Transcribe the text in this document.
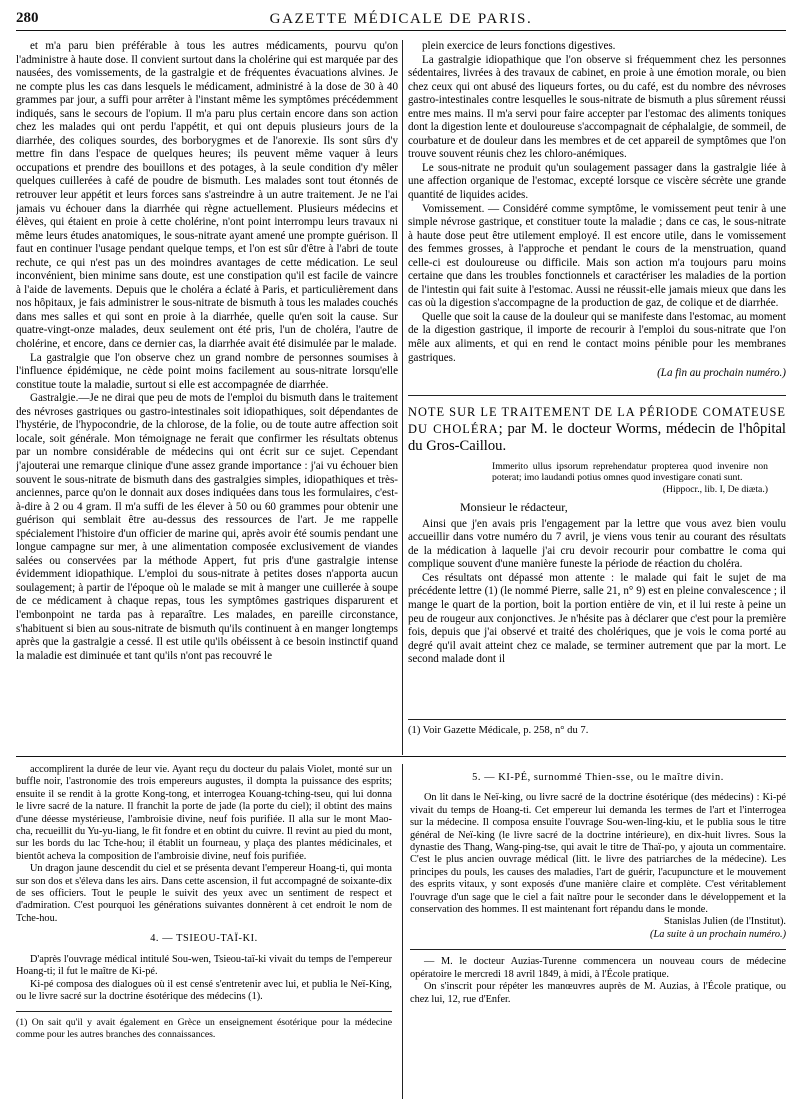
280	GAZETTE MÉDICALE DE PARIS.

et m'a paru bien préférable à tous les autres médicaments, pourvu qu'on l'administre à haute dose. Il convient surtout dans la cholérine qui est marquée par des nausées, des vomissements, de la gastralgie et de fréquentes évacuations alvines. Je ne compte plus les cas dans lesquels le médicament, administré à la dose de 30 à 40 grammes par jour, a suffi pour arrêter à l'instant même les symptômes précédemment indiqués, sans le secours de l'opium. Il m'a paru plus certain encore dans son action chez les malades qui ont perdu l'appétit, et qui ont depuis plusieurs jours de la diarrhée, des coliques sourdes, des borborygmes et de l'anorexie. Ils sont sûrs d'y mettre fin dans l'espace de quelques heures; ils peuvent même vaquer à leurs occupations et prendre des bouillons et des potages, à la seule condition d'y mêler quelques cuillerées à café de poudre de bismuth. Les malades sont tout étonnés de retrouver leur appétit et leurs forces sans s'astreindre à un autre traitement. Je ne l'ai jamais vu échouer dans la diarrhée qui règne actuellement. Plusieurs médecins et élèves, qui étaient en proie à cette cholérine, n'ont point interrompu leurs travaux ni même leurs études anatomiques, le sous-nitrate ayant amené une prompte guérison. Il faut en continuer l'usage pendant quelque temps, et l'on est sûr d'être à l'abri de toute rechute, ce qui n'est pas un des moindres avantages de cette médication. Le seul inconvénient, bien minime sans doute, est une constipation qu'il est facile de vaincre à l'aide de lavements. Depuis que le choléra a éclaté à Paris, et particulièrement dans nos hôpitaux, je fais administrer le sous-nitrate de bismuth à tous les malades couchés dans mes salles et qui sont en proie à la diarrhée, quelle qu'en soit la cause. Sur quatre-vingt-onze malades, deux seulement ont été pris, l'un de choléra, l'autre de cholérine, et encore, dans ce dernier cas, la diarrhée avait été disimulée par le malade.

La gastralgie que l'on observe chez un grand nombre de personnes soumises à l'influence épidémique, ne cède point moins facilement au sous-nitrate lorsqu'elle constitue toute la maladie, surtout si elle est accompagnée de diarrhée.

Gastralgie.—Je ne dirai que peu de mots de l'emploi du bismuth dans le traitement des névroses gastriques ou gastro-intestinales soit idiopathiques, soit dépendantes de l'hystérie, de l'hypocondrie, de la chlorose, de la folie, ou de toute autre affection soit locale, soit générale. Mon témoignage ne ferait que confirmer les résultats obtenus par un nombre considérable de médecins qui ont écrit sur ce sujet. Cependant j'ajouterai une remarque clinique d'une assez grande importance : j'ai vu échouer bien souvent le sous-nitrate de bismuth dans des gastralgies simples, idiopathiques et très-anciennes, parce qu'on le donnait aux doses indiquées dans tous les formulaires, c'est-à-dire à 2 ou 4 gram. Il m'a suffi de les élever à 50 ou 60 grammes pour obtenir une guérison qui semblait être au-dessus des ressources de l'art. Je me rappelle spécialement l'histoire d'un officier de marine qui, après avoir été soumis pendant une longue campagne sur mer, à une alimentation composée exclusivement de viandes salées ou conservées par la méthode Appert, fut pris d'une gastralgie intense évidemment idiopathique. L'emploi du sous-nitrate à petites doses n'apporta aucun soulagement; à partir de l'époque où le malade se mit à manger une cuillerée à soupe de ce médicament à chaque repas, tous les symptômes gastriques disparurent et l'embonpoint ne tarda pas à reparaître. Les malades, en pareille circonstance, s'habituent si bien au sous-nitrate de bismuth qu'ils continuent à en manger longtemps après que la gastralgie a cessé. Il est utile qu'ils obéissent à ce besoin instinctif quand la maladie est diminuée et tant qu'ils n'ont pas recouvré le

plein exercice de leurs fonctions digestives.

La gastralgie idiopathique que l'on observe si fréquemment chez les personnes sédentaires, livrées à des travaux de cabinet, en proie à une émotion morale, ou bien chez ceux qui ont abusé des liqueurs fortes, ou du café, est du nombre des névroses gastro-intestinales contre lesquelles le sous-nitrate de bismuth a plus sûrement réussi entre mes mains. Il m'a servi pour faire accepter par l'estomac des aliments toniques dont la digestion lente et douloureuse s'accompagnait de céphalalgie, de sommeil, de courbature et de douleur dans les membres et de cet appareil de symptômes que l'on trouve souvent réunis chez les chloro-anémiques.

Le sous-nitrate ne produit qu'un soulagement passager dans la gastralgie liée à une affection organique de l'estomac, excepté lorsque ce viscère sécrète une grande quantité de liquides acides.

Vomissement. — Considéré comme symptôme, le vomissement peut tenir à une simple névrose gastrique, et constituer toute la maladie ; dans ce cas, le sous-nitrate à haute dose peut être utilement employé. Il est encore utile, dans le vomissement des femmes grosses, à l'approche et pendant le cours de la menstruation, quand celle-ci est douloureuse ou difficile. Mais son action m'a toujours paru moins certaine que dans les troubles fonctionnels et caractériser les maladies de la portion de l'intestin qui fait suite à l'estomac. Aussi ne réussit-elle jamais mieux que dans les cas où la digestion s'accompagne de la production de gaz, de colique et de diarrhée.

Quelle que soit la cause de la douleur qui se manifeste dans l'estomac, au moment de la digestion gastrique, il importe de recourir à l'emploi du sous-nitrate que l'on mêle aux aliments, et qui en rend le contact moins pénible pour les membranes gastriques.

(La fin au prochain numéro.)

NOTE SUR LE TRAITEMENT DE LA PÉRIODE COMATEUSE DU CHOLÉRA; par M. le docteur Worms, médecin de l'hôpital du Gros-Caillou.
Immerito ullus ipsorum reprehendatur propterea quod invenire non poterat; imo laudandi potius omnes quod investigare conati sunt.
(Hippocr., lib. I, De diæta.)

Monsieur le rédacteur,

Ainsi que j'en avais pris l'engagement par la lettre que vous avez bien voulu accueillir dans votre numéro du 7 avril, je viens vous tenir au courant des résultats de la médication à laquelle j'ai cru devoir recourir pour combattre le coma qui complique souvent d'une manière funeste la période de réaction du choléra.

Ces résultats ont dépassé mon attente : le malade qui fait le sujet de ma précédente lettre (1) (le nommé Pierre, salle 21, n° 9) est en pleine convalescence ; il mange le quart de la portion, boit la portion entière de vin, et il lui reste à peine un peu de rougeur aux conjonctives. Je n'hésite pas à déclarer que c'est pour la première fois, depuis que j'ai observé et traité des cholériques, que je vois le coma porté au degré qu'il avait atteint chez ce malade, se terminer autrement que par la mort. Le second malade dont il

(1) Voir Gazette Médicale, p. 258, n° du 7.

accomplirent la durée de leur vie. Ayant reçu du docteur du palais Violet, monté sur un buffle noir, l'astronomie des trois empereurs augustes, il dompta la puissance des esprits; ensuite il se rendit à la grotte Kong-tong, et interrogea Kouang-tching-tseu, qui lui donna le livre sacré de la nature. Il franchit la porte de jade (la porte du ciel); il obtint des mains d'une déesse mystérieuse, l'ambroisie divine, neuf fois purifiée. Il alla sur le mont Mao-cha, recueillit du Yu-yu-liang, le fit fondre et en obtint du cuivre. Il revint au pied du mont, sur les bords du lac Tche-hou; il établit un fourneau, y plaça des plantes médicinales, et bientôt acheva la composition de l'ambroisie divine, neuf fois purifiée.

Un dragon jaune descendit du ciel et se présenta devant l'empereur Hoang-ti, qui monta sur son dos et s'éleva dans les airs. Dans cette ascension, il fut accompagné de soixante-dix de ses officiers. Tout le peuple le suivit des yeux avec un sentiment de respect et d'admiration. C'est pourquoi les générations suivantes donnèrent à cet endroit le nom de Tche-hou.

4. — TSIEOU-TAÏ-KI.

D'après l'ouvrage médical intitulé Sou-wen, Tsieou-taï-ki vivait du temps de l'empereur Hoang-ti; il fut le maître de Ki-pé.

Ki-pé composa des dialogues où il est censé s'entretenir avec lui, et publia le Neï-King, ou le livre sacré sur la doctrine ésotérique des médecins (1).

(1) On sait qu'il y avait également en Grèce un enseignement ésotérique pour la médecine comme pour les autres branches des connaissances.

5. — KI-PÉ, surnommé Thien-sse, ou le maître divin.

On lit dans le Neï-king, ou livre sacré de la doctrine ésotérique (des médecins) : Ki-pé vivait du temps de Hoang-ti. Cet empereur lui demanda les termes de l'art et l'interrogea sur la médecine. Il composa ensuite l'ouvrage Sou-wen-ling-kiu, et le publia sous le titre général de Neï-king (le livre sacré de la doctrine intérieure), en dix-huit livres. Sous la dynastie des Thang, Wang-ping-tse, qui avait le titre de Thaï-po, y ajouta un commentaire. C'est le plus ancien ouvrage médical (litt. le livre des patriarches de la médecine). Les principes du pouls, les causes des maladies, l'art de guérir, l'acupuncture et le mouvement des esprits vitaux, y sont exposés d'une manière claire et complète. C'est véritablement l'ouvrage d'un sage que le ciel a fait naître pour le seconder dans le développement et la conservation des hommes. Il est maintenant fort répandu dans le monde.

Stanislas Julien (de l'Institut).

(La suite à un prochain numéro.)

— M. le docteur Auzias-Turenne commencera un nouveau cours de médecine opératoire le mercredi 18 avril 1849, à midi, à l'École pratique.

On s'inscrit pour répéter les manœuvres auprès de M. Auzias, à l'École pratique, ou chez lui, 12, rue d'Enfer.
